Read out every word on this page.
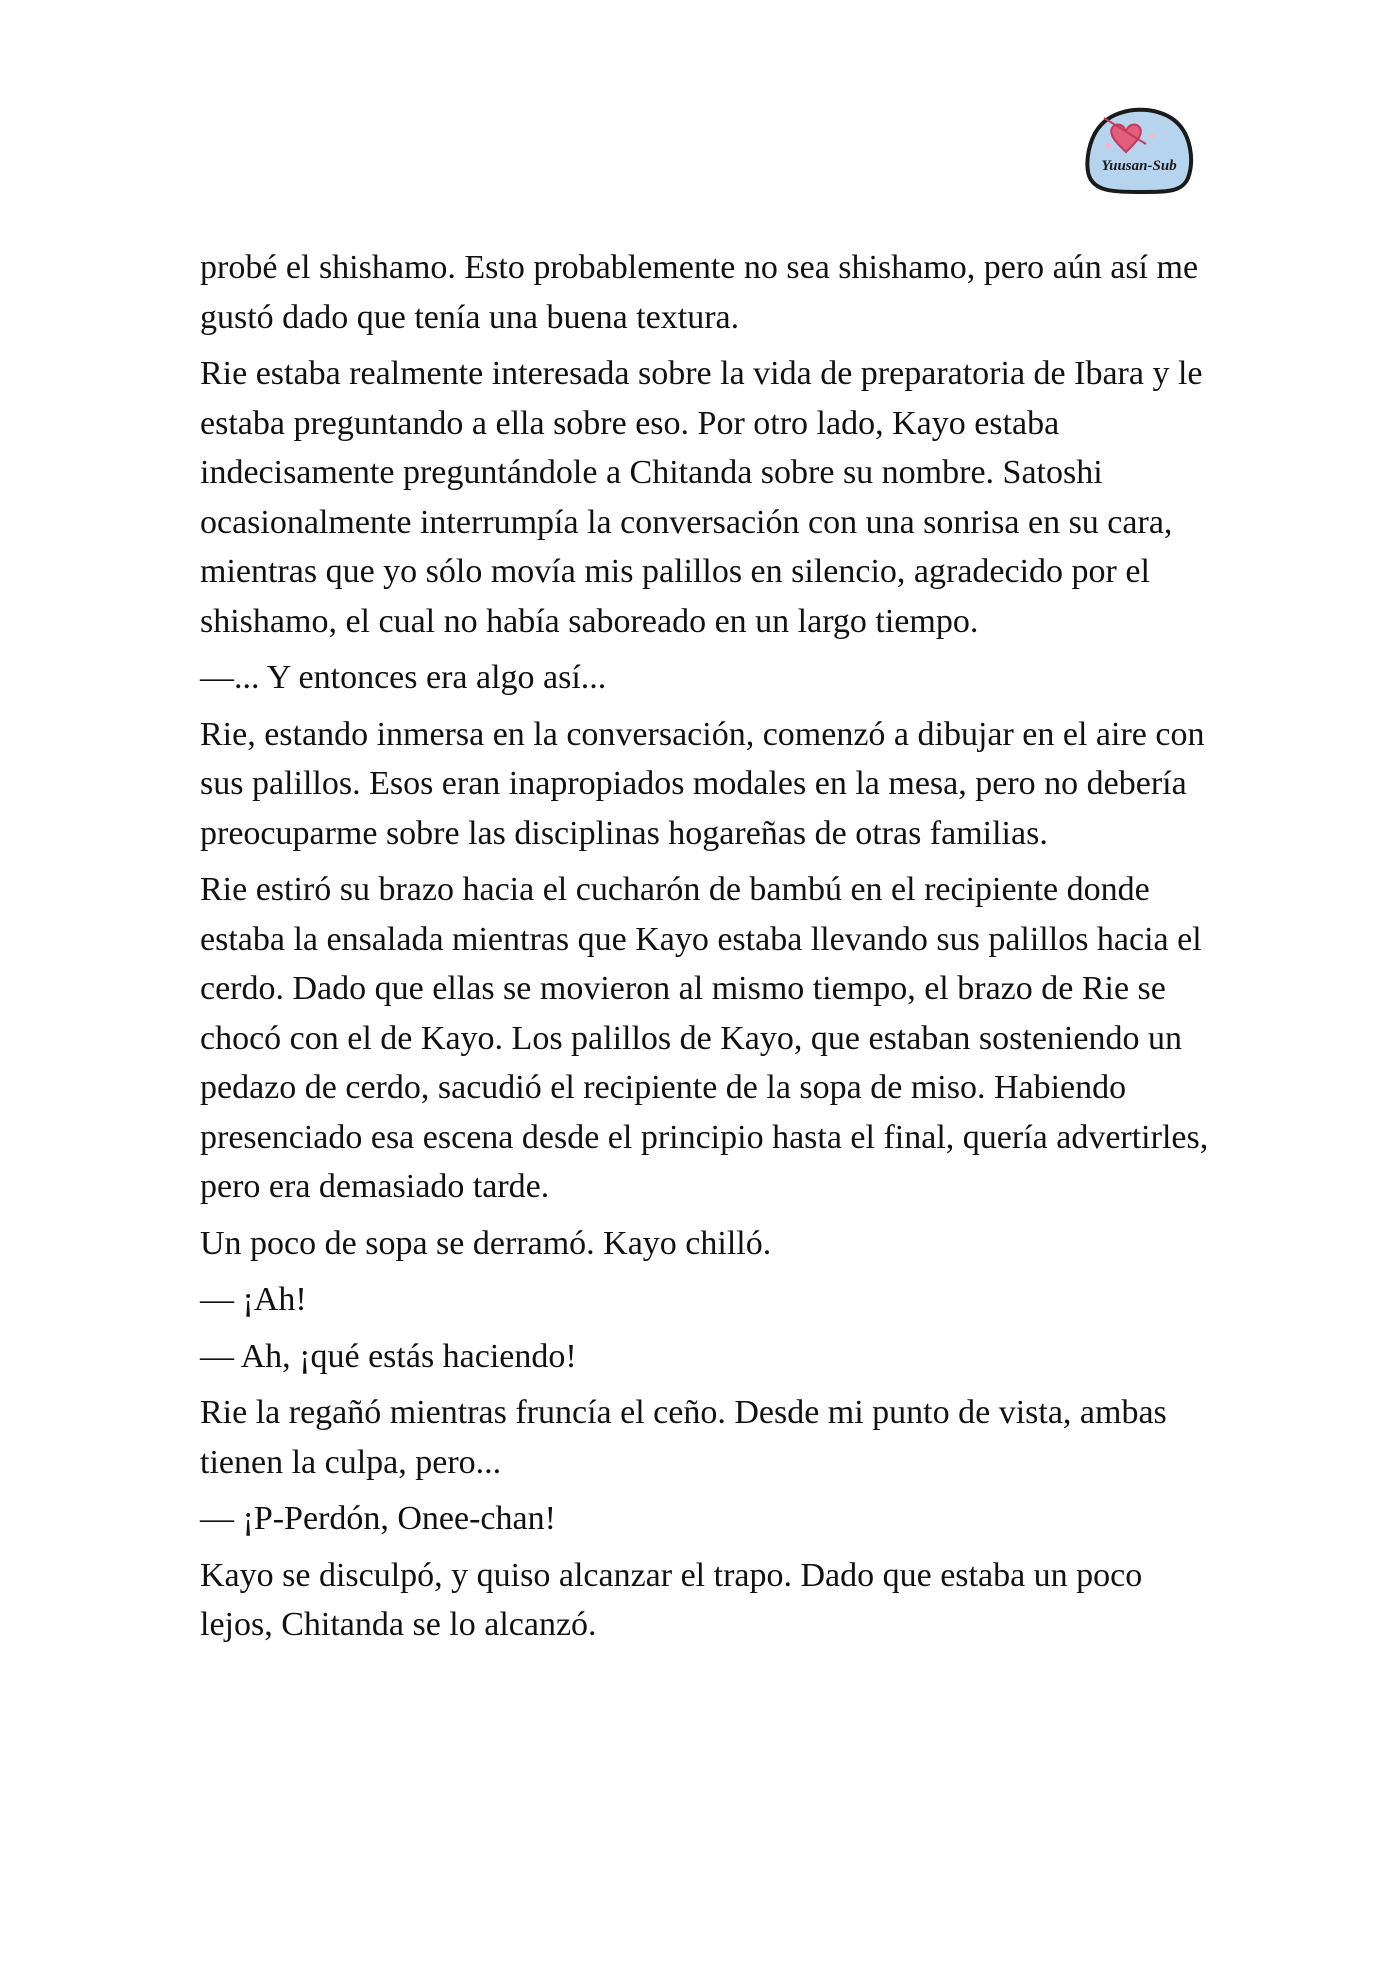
Yuusan-Sub

probé el shishamo. Esto probablemente no sea shishamo, pero aún así me gustó dado que tenía una buena textura.

Rie estaba realmente interesada sobre la vida de preparatoria de Ibara y le estaba preguntando a ella sobre eso. Por otro lado, Kayo estaba indecisamente preguntándole a Chitanda sobre su nombre. Satoshi ocasionalmente interrumpía la conversación con una sonrisa en su cara, mientras que yo sólo movía mis palillos en silencio, agradecido por el shishamo, el cual no había saboreado en un largo tiempo.

—... Y entonces era algo así...

Rie, estando inmersa en la conversación, comenzó a dibujar en el aire con sus palillos. Esos eran inapropiados modales en la mesa, pero no debería preocuparme sobre las disciplinas hogareñas de otras familias.

Rie estiró su brazo hacia el cucharón de bambú en el recipiente donde estaba la ensalada mientras que Kayo estaba llevando sus palillos hacia el cerdo. Dado que ellas se movieron al mismo tiempo, el brazo de Rie se chocó con el de Kayo. Los palillos de Kayo, que estaban sosteniendo un pedazo de cerdo, sacudió el recipiente de la sopa de miso. Habiendo presenciado esa escena desde el principio hasta el final, quería advertirles, pero era demasiado tarde.

Un poco de sopa se derramó. Kayo chilló.

— ¡Ah!

— Ah, ¡qué estás haciendo!

Rie la regañó mientras fruncía el ceño. Desde mi punto de vista, ambas tienen la culpa, pero...

— ¡P-Perdón, Onee-chan!

Kayo se disculpó, y quiso alcanzar el trapo. Dado que estaba un poco lejos, Chitanda se lo alcanzó.
